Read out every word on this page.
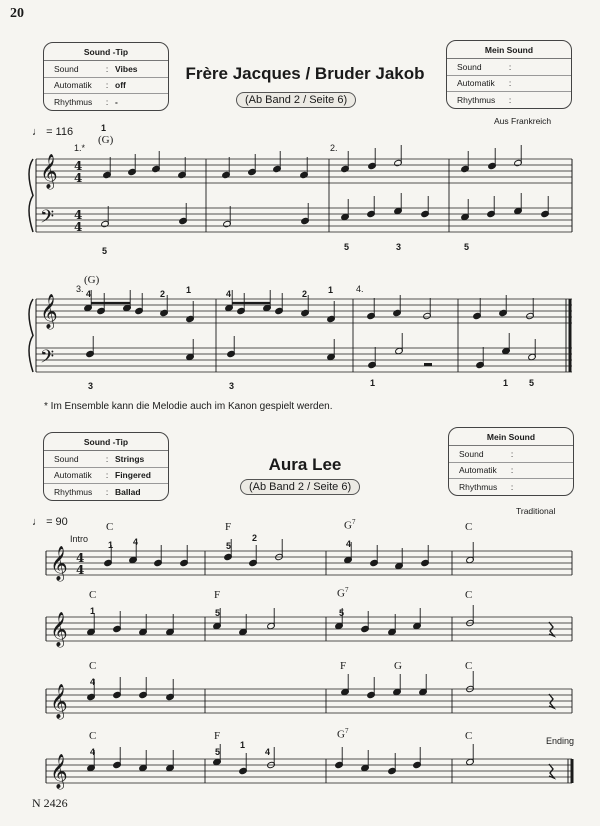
20
N 2426
Sound -Tip
Sound	: Vibes
Automatik	: off
Rhythmus	: -
Mein Sound
Sound	:
Automatik	:
Rhythmus	:
Frère Jacques / Bruder Jakob
(Ab Band 2 / Seite 6)
Aus Frankreich
♩ = 116	1
(G)
1.*	2.
(G)
3.	4.
5	5	3	5
4	2 1	4	2 1
3	3	1	1 5
* Im Ensemble kann die Melodie auch im Kanon gespielt werden.
Sound -Tip
Sound	: Strings
Automatik	: Fingered
Rhythmus	: Ballad
Mein Sound
Sound	:
Automatik	:
Rhythmus	:
Aura Lee
(Ab Band 2 / Seite 6)
Traditional
♩ = 90
Intro
Ending
C	F	$G^7$	C
C	F	$G^7$	C
C	F	G	C
C	F	$G^7$	C
1 4	5
2
4
1	5	5
4
4	5
1
4
𝄞
𝄢
4
4
4
4
𝄞
𝄢
𝄞 4
4
𝄞
𝄞
𝄞
